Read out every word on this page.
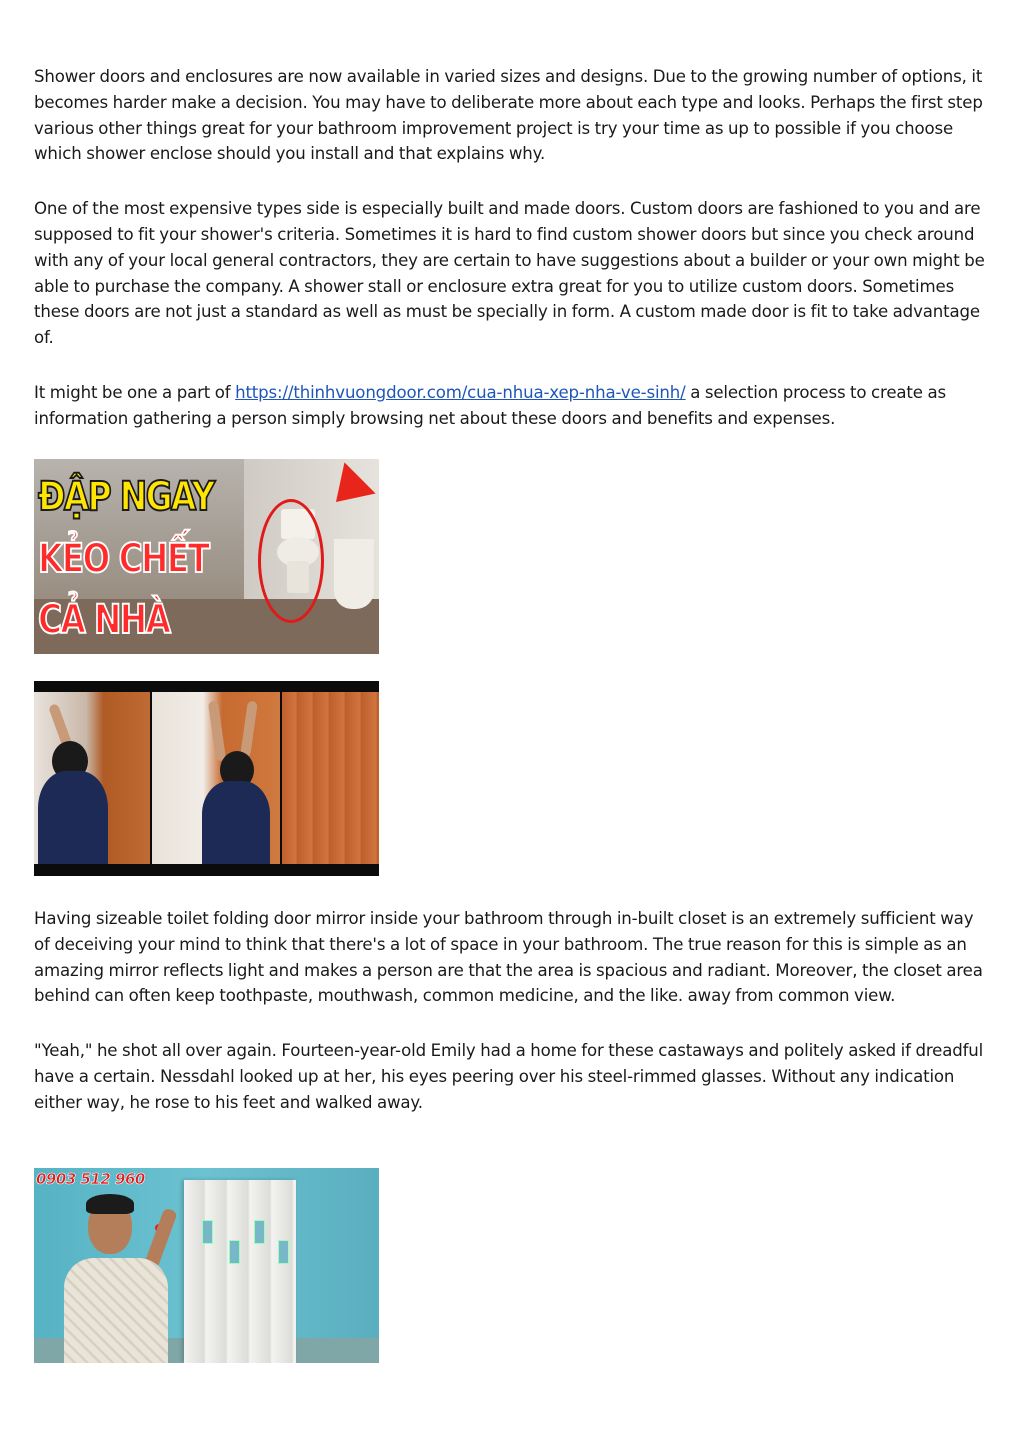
Shower doors and enclosures are now available in varied sizes and designs. Due to the growing number of options, it becomes harder make a decision. You may have to deliberate more about each type and looks. Perhaps the first step various other things great for your bathroom improvement project is try your time as up to possible if you choose which shower enclose should you install and that explains why.

One of the most expensive types side is especially built and made doors. Custom doors are fashioned to you and are supposed to fit your shower's criteria. Sometimes it is hard to find custom shower doors but since you check around with any of your local general contractors, they are certain to have suggestions about a builder or your own might be able to purchase the company. A shower stall or enclosure extra great for you to utilize custom doors. Sometimes these doors are not just a standard as well as must be specially in form. A custom made door is fit to take advantage of.

It might be one a part of https://thinhvuongdoor.com/cua-nhua-xep-nha-ve-sinh/ a selection process to create as information gathering a person simply browsing net about these doors and benefits and expenses.

ĐẬP NGAY
KẺO CHẾT
CẢ NHÀ

Having sizeable toilet folding door mirror inside your bathroom through in-built closet is an extremely sufficient way of deceiving your mind to think that there's a lot of space in your bathroom. The true reason for this is simple as an amazing mirror reflects light and makes a person are that the area is spacious and radiant. Moreover, the closet area behind can often keep toothpaste, mouthwash, common medicine, and the like. away from common view.

"Yeah," he shot all over again. Fourteen-year-old Emily had a home for these castaways and politely asked if dreadful have a certain. Nessdahl looked up at her, his eyes peering over his steel-rimmed glasses. Without any indication either way, he rose to his feet and walked away.

0903 512 960
